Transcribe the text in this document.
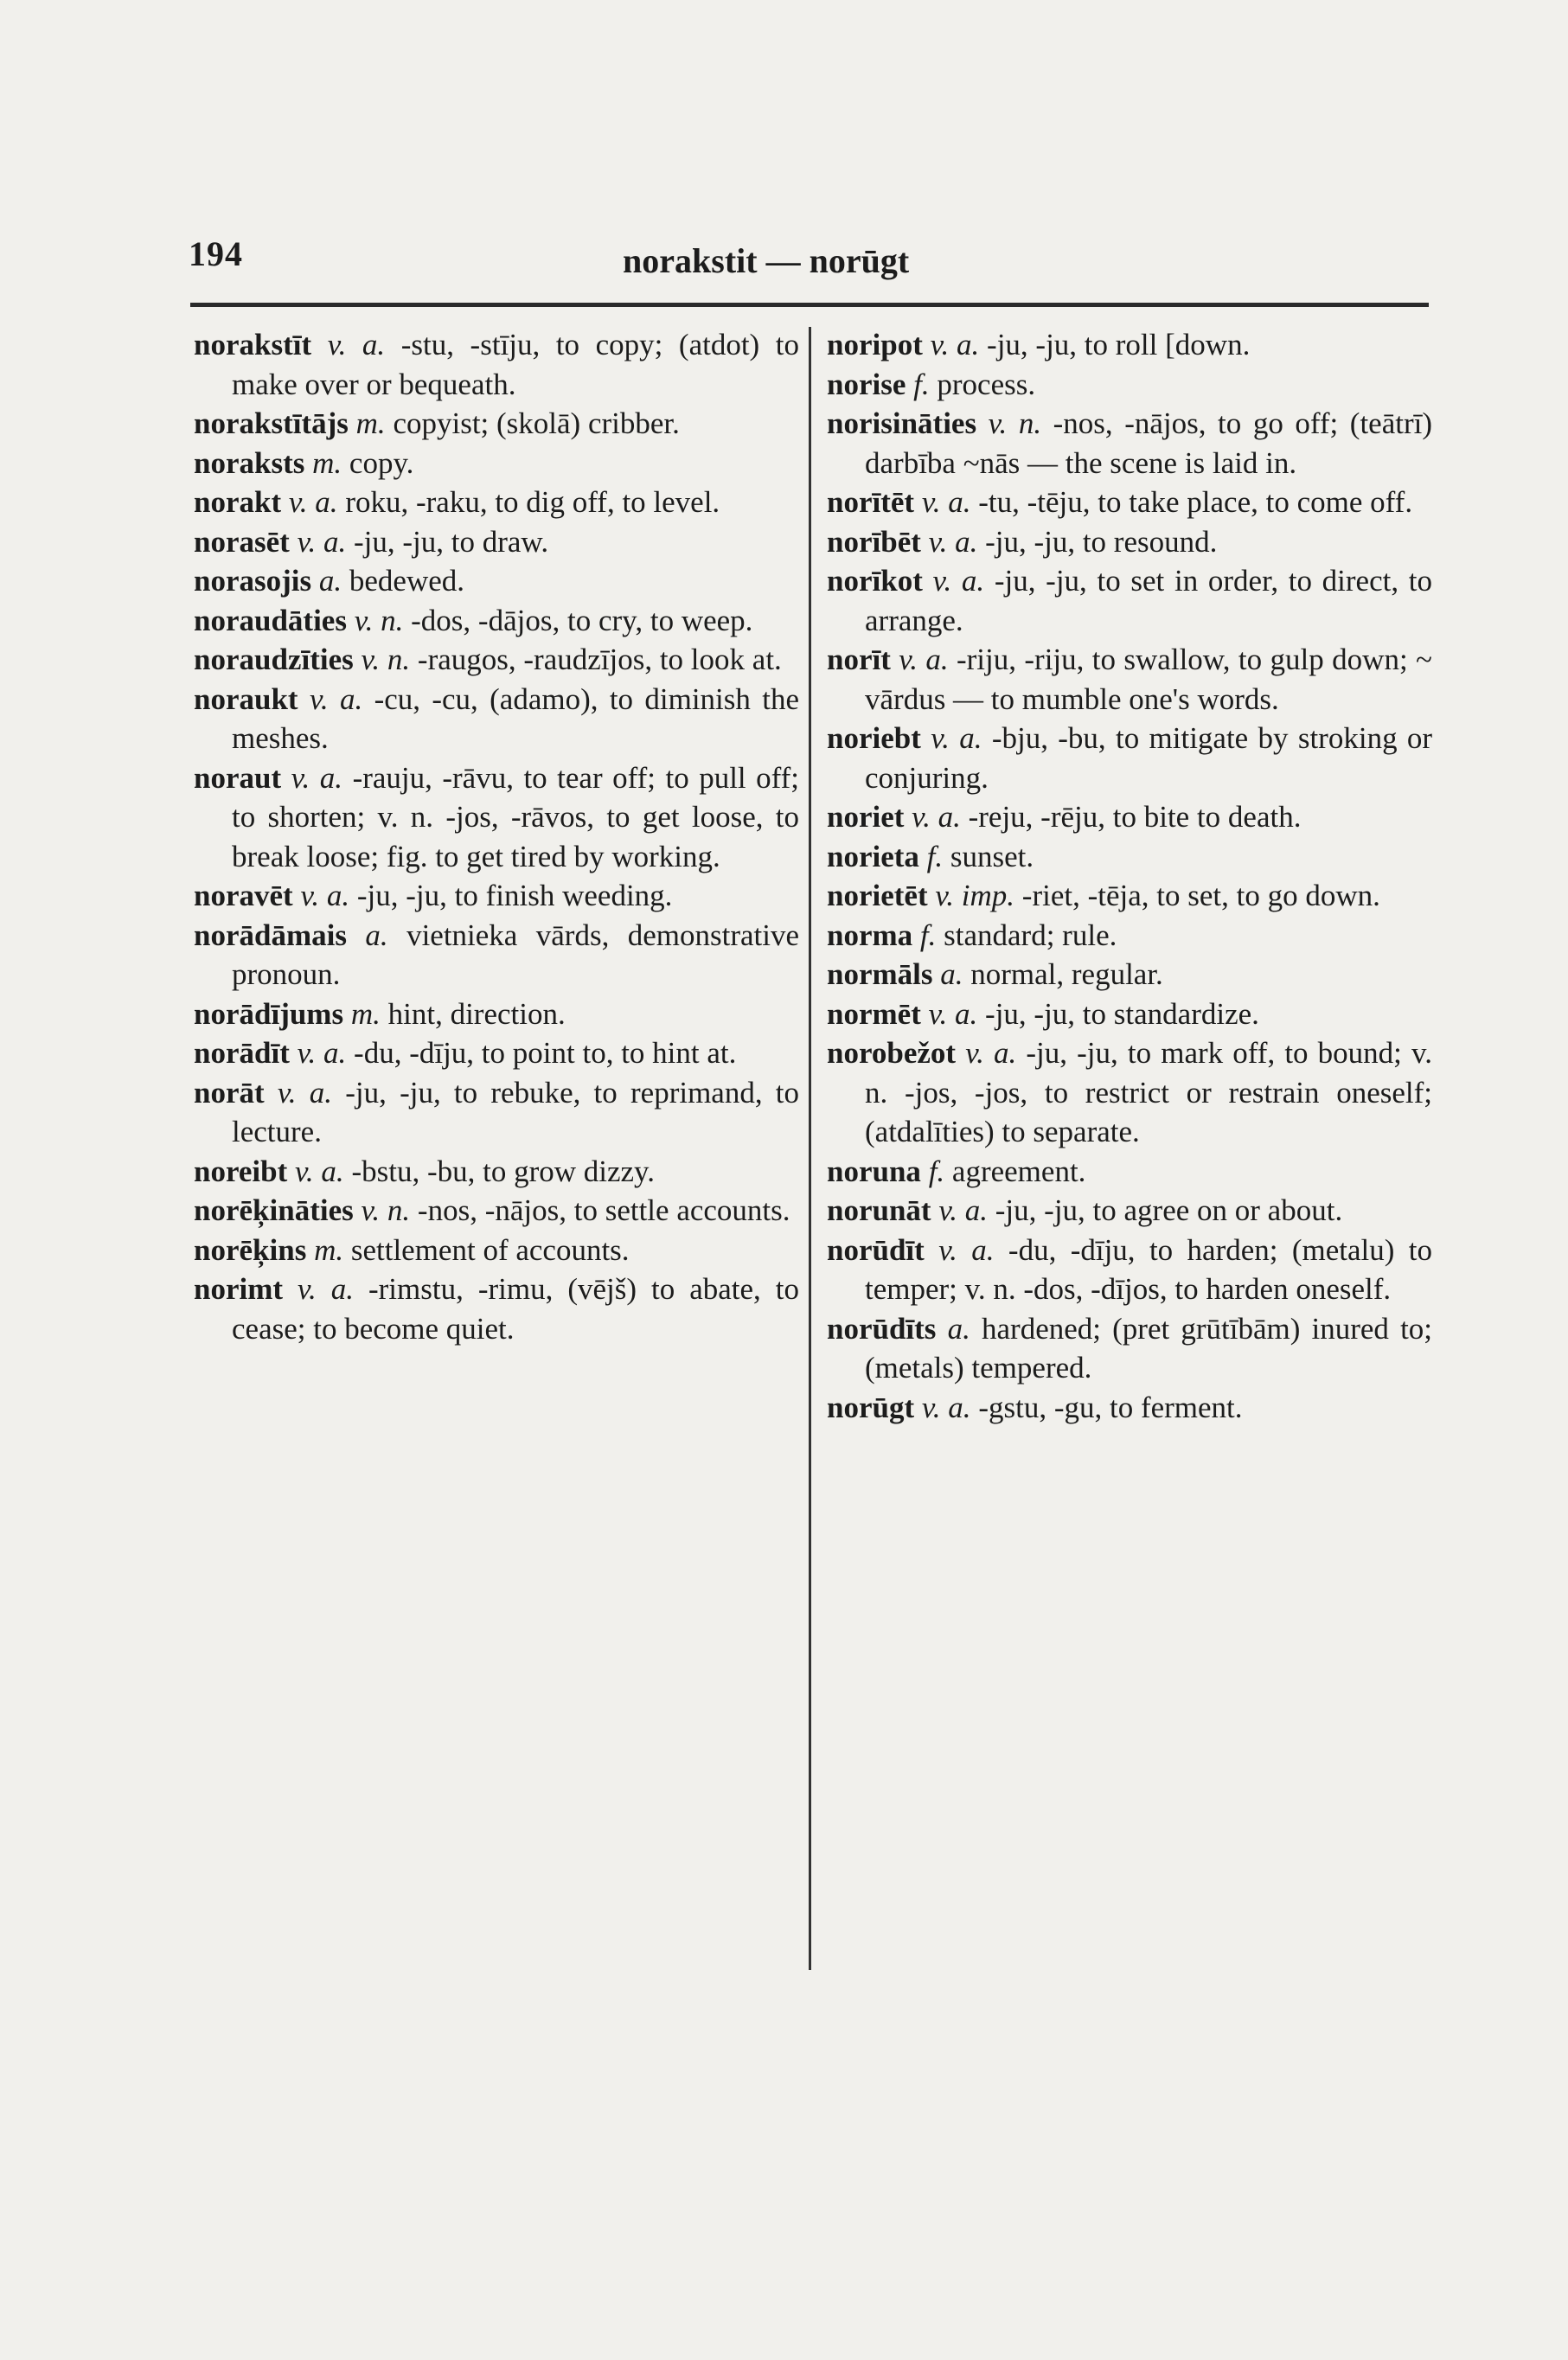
194	norakstit — norūgt
norakstīt v. a. -stu, -stīju, to copy; (atdot) to make over or bequeath.
norakstītājs m. copyist; (skolā) cribber.
noraksts m. copy.
norakt v. a. roku, -raku, to dig off, to level.
norasēt v. a. -ju, -ju, to draw.
norasojis a. bedewed.
noraudāties v. n. -dos, -dājos, to cry, to weep.
noraudzīties v. n. -raugos, -raudzījos, to look at.
noraukt v. a. -cu, -cu, (adamo), to diminish the meshes.
noraut v. a. -rauju, -rāvu, to tear off; to pull off; to shorten; v. n. -jos, -rāvos, to get loose, to break loose; fig. to get tired by working.
noravēt v. a. -ju, -ju, to finish weeding.
norādāmais a. vietnieka vārds, demonstrative pronoun.
norādījums m. hint, direction.
norādīt v. a. -du, -dīju, to point to, to hint at.
norāt v. a. -ju, -ju, to rebuke, to reprimand, to lecture.
noreibt v. a. -bstu, -bu, to grow dizzy.
norēķināties v. n. -nos, -nājos, to settle accounts.
norēķins m. settlement of accounts.
norimt v. a. -rimstu, -rimu, (vējš) to abate, to cease; to become quiet.
noripot v. a. -ju, -ju, to roll [down.
norise f. process.
norisināties v. n. -nos, -nājos, to go off; (teātrī) darbība ~nās — the scene is laid in.
norītēt v. a. -tu, -tēju, to take place, to come off.
norībēt v. a. -ju, -ju, to resound.
norīkot v. a. -ju, -ju, to set in order, to direct, to arrange.
norīt v. a. -riju, -riju, to swallow, to gulp down; ~ vārdus — to mumble one's words.
noriebt v. a. -bju, -bu, to mitigate by stroking or conjuring.
noriet v. a. -reju, -rēju, to bite to death.
norieta f. sunset.
norietēt v. imp. -riet, -tēja, to set, to go down.
norma f. standard; rule.
normāls a. normal, regular.
normēt v. a. -ju, -ju, to standardize.
norobežot v. a. -ju, -ju, to mark off, to bound; v. n. -jos, -jos, to restrict or restrain oneself; (atdalīties) to separate.
noruna f. agreement.
norunāt v. a. -ju, -ju, to agree on or about.
norūdīt v. a. -du, -dīju, to harden; (metalu) to temper; v. n. -dos, -dījos, to harden oneself.
norūdīts a. hardened; (pret grūtībām) inured to; (metals) tempered.
norūgt v. a. -gstu, -gu, to ferment.
